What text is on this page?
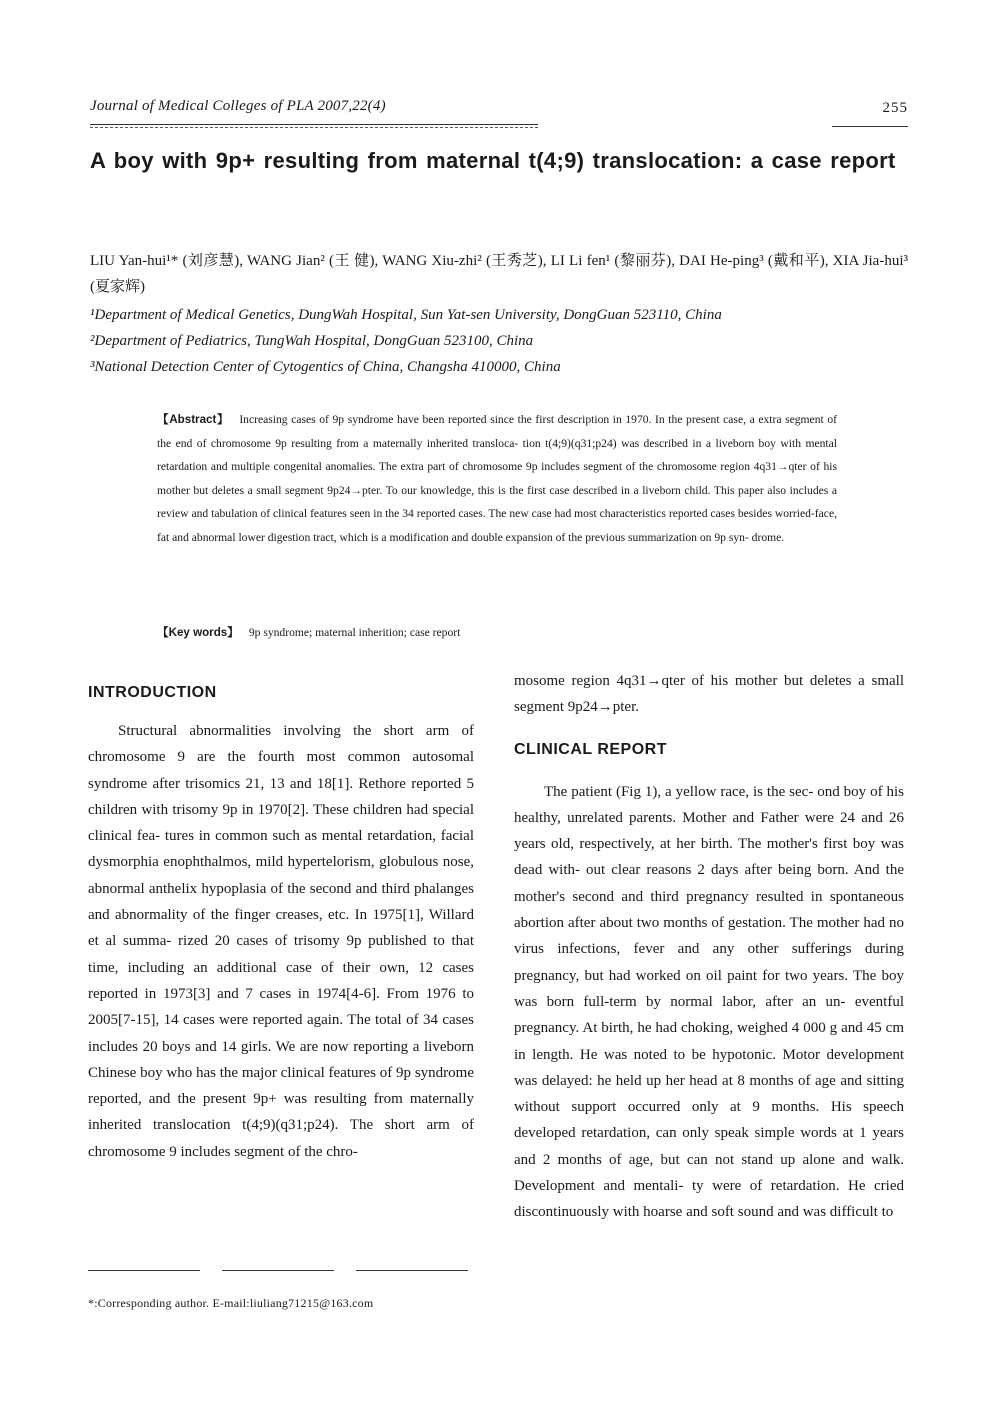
Journal of Medical Colleges of PLA 2007,22(4)	255
A boy with 9p+ resulting from maternal t(4;9) translocation: a case report
LIU Yan-hui¹* (刘彦慧), WANG Jian² (王 健), WANG Xiu-zhi² (王秀芝), LI Li fen¹ (黎丽芬), DAI He-ping³ (戴和平), XIA Jia-hui³ (夏家辉)
¹Department of Medical Genetics, DungWah Hospital, Sun Yat-sen University, DongGuan 523110, China
²Department of Pediatrics, TungWah Hospital, DongGuan 523100, China
³National Detection Center of Cytogentics of China, Changsha 410000, China
【Abstract】 Increasing cases of 9p syndrome have been reported since the first description in 1970. In the present case, a extra segment of the end of chromosome 9p resulting from a maternally inherited transloca- tion t(4;9)(q31;p24) was described in a liveborn boy with mental retardation and multiple congenital anomalies. The extra part of chromosome 9p includes segment of the chromosome region 4q31→qter of his mother but deletes a small segment 9p24→pter. To our knowledge, this is the first case described in a liveborn child. This paper also includes a review and tabulation of clinical features seen in the 34 reported cases. The new case had most characteristics reported cases besides worried-face, fat and abnormal lower digestion tract, which is a modification and double expansion of the previous summarization on 9p syn- drome.
【Key words】 9p syndrome; maternal inherition; case report
INTRODUCTION

Structural abnormalities involving the short arm of chromosome 9 are the fourth most common autosomal syndrome after trisomics 21, 13 and 18[1]. Rethore reported 5 children with trisomy 9p in 1970[2]. These children had special clinical fea- tures in common such as mental retardation, facial dysmorphia enophthalmos, mild hypertelorism, globulous nose, abnormal anthelix hypoplasia of the second and third phalanges and abnormality of the finger creases, etc. In 1975[1], Willard et al summa- rized 20 cases of trisomy 9p published to that time, including an additional case of their own, 12 cases reported in 1973[3] and 7 cases in 1974[4-6]. From 1976 to 2005[7-15], 14 cases were reported again. The total of 34 cases includes 20 boys and 14 girls. We are now reporting a liveborn Chinese boy who has the major clinical features of 9p syndrome reported, and the present 9p+ was resulting from maternally inherited translocation t(4;9)(q31;p24). The short arm of chromosome 9 includes segment of the chro-

mosome region 4q31→qter of his mother but deletes a small segment 9p24→pter.

CLINICAL REPORT

The patient (Fig 1), a yellow race, is the sec- ond boy of his healthy, unrelated parents. Mother and Father were 24 and 26 years old, respectively, at her birth. The mother's first boy was dead with- out clear reasons 2 days after being born. And the mother's second and third pregnancy resulted in spontaneous abortion after about two months of gestation. The mother had no virus infections, fever and any other sufferings during pregnancy, but had worked on oil paint for two years. The boy was born full-term by normal labor, after an un- eventful pregnancy. At birth, he had choking, weighed 4 000 g and 45 cm in length. He was noted to be hypotonic. Motor development was delayed: he held up her head at 8 months of age and sitting without support occurred only at 9 months. His speech developed retardation, can only speak simple words at 1 years and 2 months of age, but can not stand up alone and walk. Development and mentali- ty were of retardation. He cried discontinuously with hoarse and soft sound and was difficult to

*:Corresponding author. E-mail:liuliang71215@163.com
